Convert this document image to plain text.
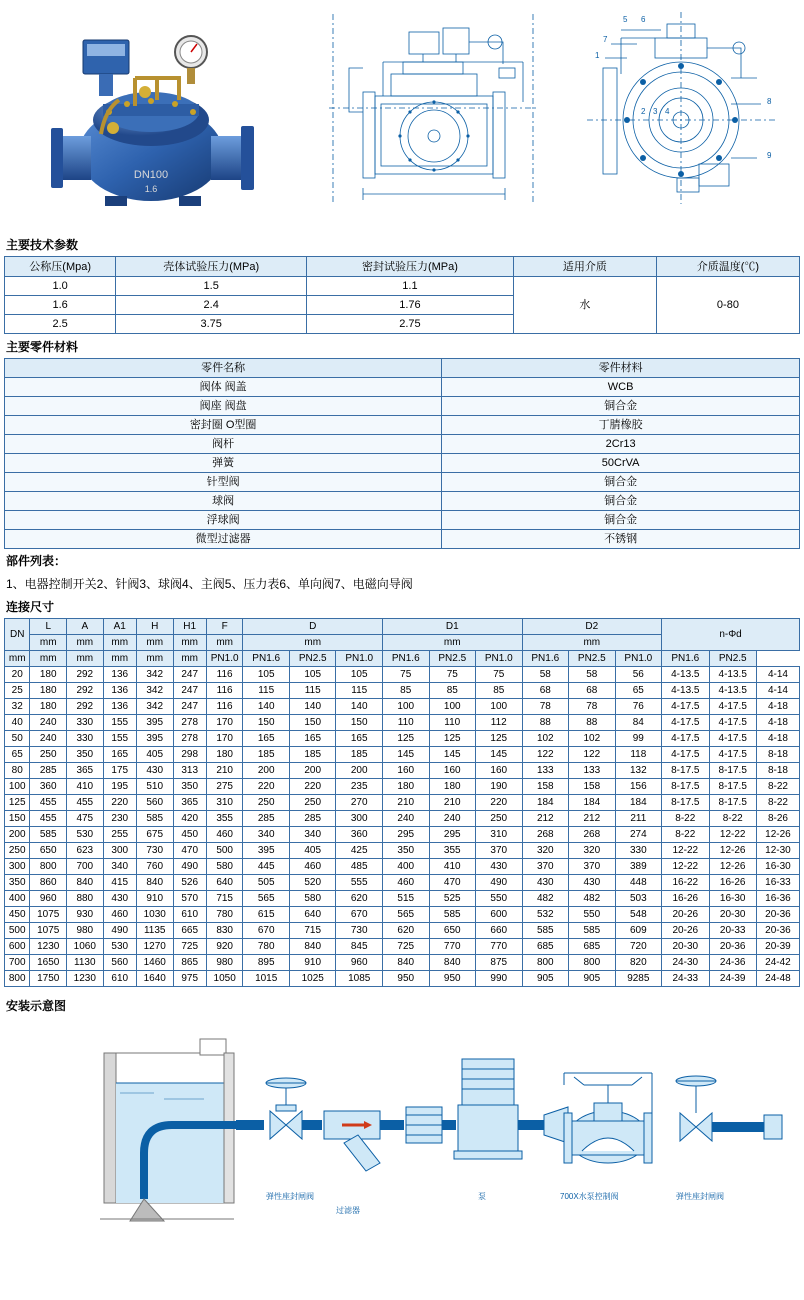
DN100
1.6
5 6
7
1
2 3 4
8
9
主要技术参数
公称压(Mpa)	壳体试验压力(MPa)	密封试验压力(MPa)	适用介质	介质温度(℃)
1.0	1.5	1.1	水	0-80
1.6	2.4	1.76		
2.5	3.75	2.75		
主要零件材料
零件名称	零件材料
阀体 阀盖	WCB
阀座 阀盘	铜合金
密封圈 O型圈	丁腈橡胶
阀杆	2Cr13
弹簧	50CrVA
针型阀	铜合金
球阀	铜合金
浮球阀	铜合金
微型过滤器	不锈钢
部件列表：
1、电器控制开关2、针阀3、球阀4、主阀5、压力表6、单向阀7、电磁向导阀
连接尺寸
DN	L	A	A1	H	H1	F	D			D1			D2			n-Φd		
	mm	mm	mm	mm	mm	mm	mm			mm			mm					
mm	mm	mm	mm	mm	mm	PN1.0	PN1.6	PN2.5	PN1.0	PN1.6	PN2.5	PN1.0	PN1.6	PN2.5	PN1.0	PN1.6	PN2.5	
20	180	292	136	342	247	116	105	105	105	75	75	75	58	58	56	4-13.5	4-13.5	4-14
25	180	292	136	342	247	116	115	115	115	85	85	85	68	68	65	4-13.5	4-13.5	4-14
32	180	292	136	342	247	116	140	140	140	100	100	100	78	78	76	4-17.5	4-17.5	4-18
40	240	330	155	395	278	170	150	150	150	110	110	112	88	88	84	4-17.5	4-17.5	4-18
50	240	330	155	395	278	170	165	165	165	125	125	125	102	102	99	4-17.5	4-17.5	4-18
65	250	350	165	405	298	180	185	185	185	145	145	145	122	122	118	4-17.5	4-17.5	8-18
80	285	365	175	430	313	210	200	200	200	160	160	160	133	133	132	8-17.5	8-17.5	8-18
100	360	410	195	510	350	275	220	220	235	180	180	190	158	158	156	8-17.5	8-17.5	8-22
125	455	455	220	560	365	310	250	250	270	210	210	220	184	184	184	8-17.5	8-17.5	8-22
150	455	475	230	585	420	355	285	285	300	240	240	250	212	212	211	8-22	8-22	8-26
200	585	530	255	675	450	460	340	340	360	295	295	310	268	268	274	8-22	12-22	12-26
250	650	623	300	730	470	500	395	405	425	350	355	370	320	320	330	12-22	12-26	12-30
300	800	700	340	760	490	580	445	460	485	400	410	430	370	370	389	12-22	12-26	16-30
350	860	840	415	840	526	640	505	520	555	460	470	490	430	430	448	16-22	16-26	16-33
400	960	880	430	910	570	715	565	580	620	515	525	550	482	482	503	16-26	16-30	16-36
450	1075	930	460	1030	610	780	615	640	670	565	585	600	532	550	548	20-26	20-30	20-36
500	1075	980	490	1135	665	830	670	715	730	620	650	660	585	585	609	20-26	20-33	20-36
600	1230	1060	530	1270	725	920	780	840	845	725	770	770	685	685	720	20-30	20-36	20-39
700	1650	1130	560	1460	865	980	895	910	960	840	840	875	800	800	820	24-30	24-36	24-42
800	1750	1230	610	1640	975	1050	1015	1025	1085	950	950	990	905	905	9285	24-33	24-39	24-48
安装示意图
弹性座封闸阀
过滤器
泵	700X水泵控制阀	弹性座封闸阀
